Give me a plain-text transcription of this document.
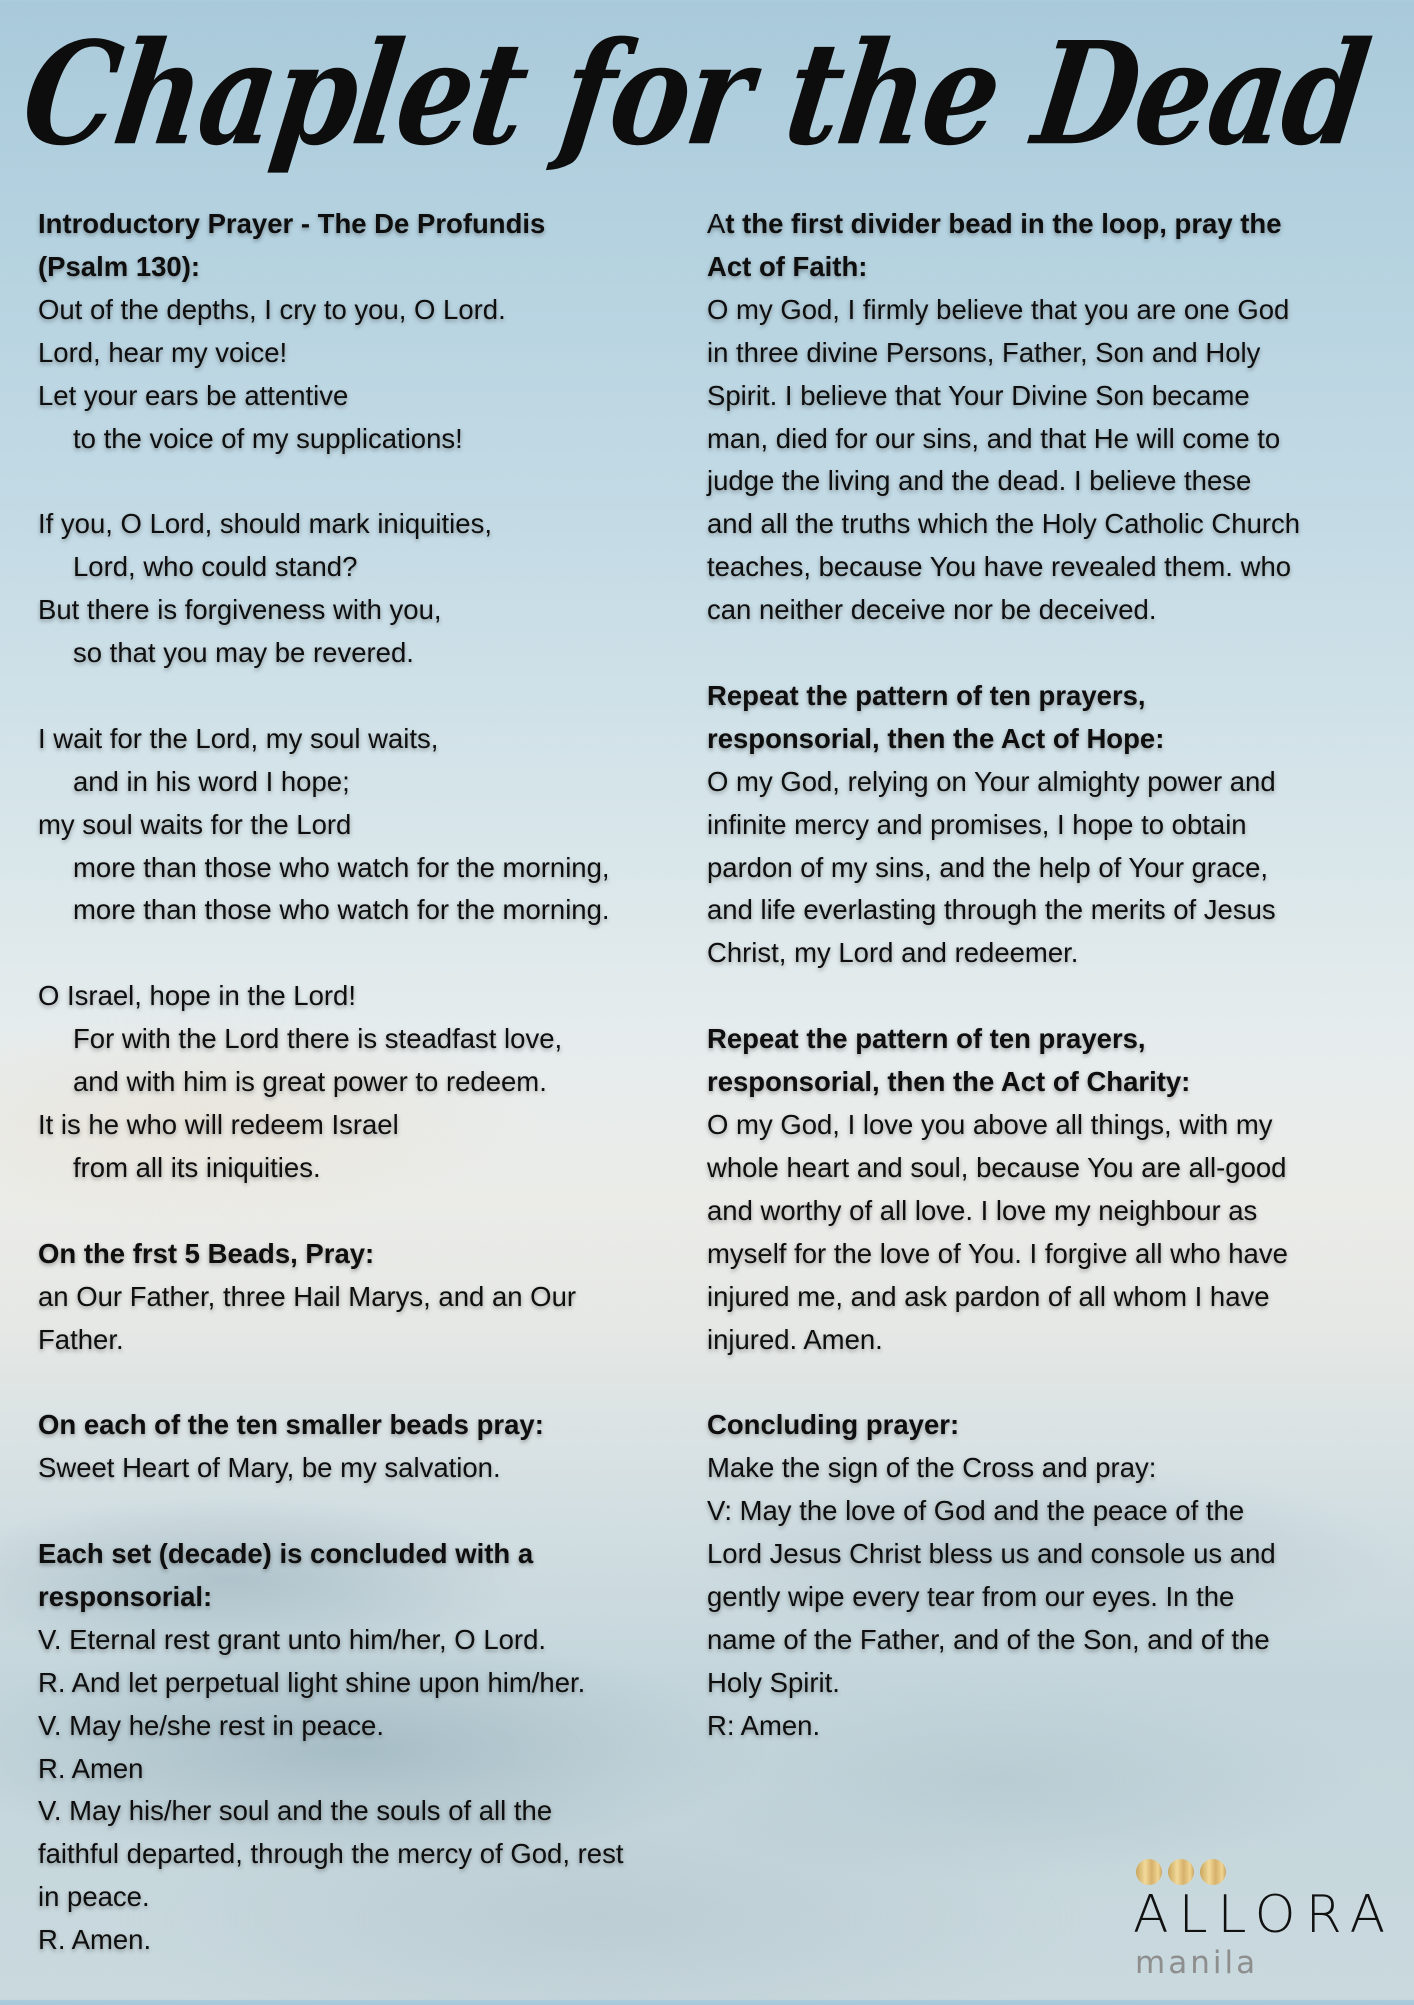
Chaplet for the Dead
Introductory Prayer - The De Profundis
(Psalm 130):
Out of the depths, I cry to you, O Lord.
Lord, hear my voice!
Let your ears be attentive
to the voice of my supplications!
If you, O Lord, should mark iniquities,
Lord, who could stand?
But there is forgiveness with you,
so that you may be revered.
I wait for the Lord, my soul waits,
and in his word I hope;
my soul waits for the Lord
more than those who watch for the morning,
more than those who watch for the morning.
O Israel, hope in the Lord!
For with the Lord there is steadfast love,
and with him is great power to redeem.
It is he who will redeem Israel
from all its iniquities.
On the frst 5 Beads, Pray:
an Our Father, three Hail Marys, and an Our
Father.
On each of the ten smaller beads pray:
Sweet Heart of Mary, be my salvation.
Each set (decade) is concluded with a
responsorial:
V. Eternal rest grant unto him/her, O Lord.
R. And let perpetual light shine upon him/her.
V. May he/she rest in peace.
R. Amen
V. May his/her soul and the souls of all the
faithful departed, through the mercy of God, rest
in peace.
R. Amen.
At the first divider bead in the loop, pray the
Act of Faith:
O my God, I firmly believe that you are one God
in three divine Persons, Father, Son and Holy
Spirit. I believe that Your Divine Son became
man, died for our sins, and that He will come to
judge the living and the dead. I believe these
and all the truths which the Holy Catholic Church
teaches, because You have revealed them. who
can neither deceive nor be deceived.
Repeat the pattern of ten prayers,
responsorial, then the Act of Hope:
O my God, relying on Your almighty power and
infinite mercy and promises, I hope to obtain
pardon of my sins, and the help of Your grace,
and life everlasting through the merits of Jesus
Christ, my Lord and redeemer.
Repeat the pattern of ten prayers,
responsorial, then the Act of Charity:
O my God, I love you above all things, with my
whole heart and soul, because You are all-good
and worthy of all love. I love my neighbour as
myself for the love of You. I forgive all who have
injured me, and ask pardon of all whom I have
injured. Amen.
Concluding prayer:
Make the sign of the Cross and pray:
V: May the love of God and the peace of the
Lord Jesus Christ bless us and console us and
gently wipe every tear from our eyes. In the
name of the Father, and of the Son, and of the
Holy Spirit.
R: Amen.
ALLORA
manila
